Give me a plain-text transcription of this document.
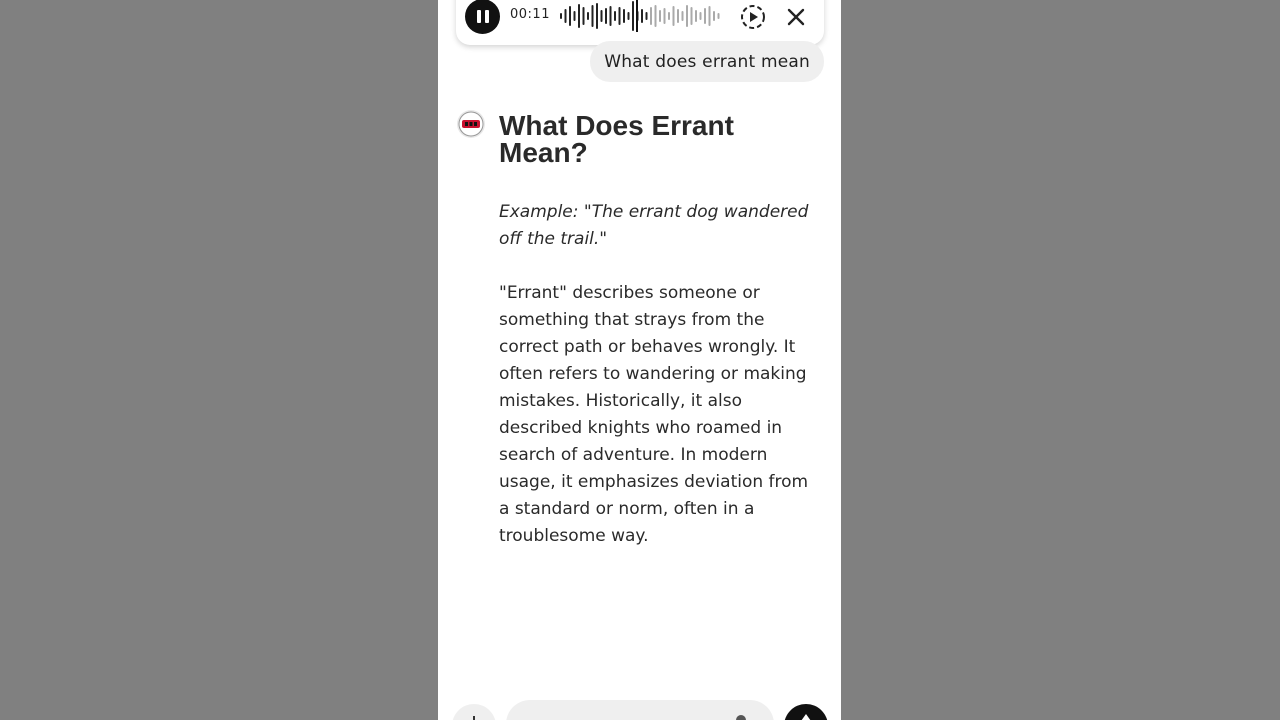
00:11
What does errant mean
What Does Errant Mean?

Example: "The errant dog wandered off the trail."

"Errant" describes someone or something that strays from the correct path or behaves wrongly. It often refers to wandering or making mistakes. Historically, it also described knights who roamed in search of adventure. In modern usage, it emphasizes deviation from a standard or norm, often in a troublesome way.
